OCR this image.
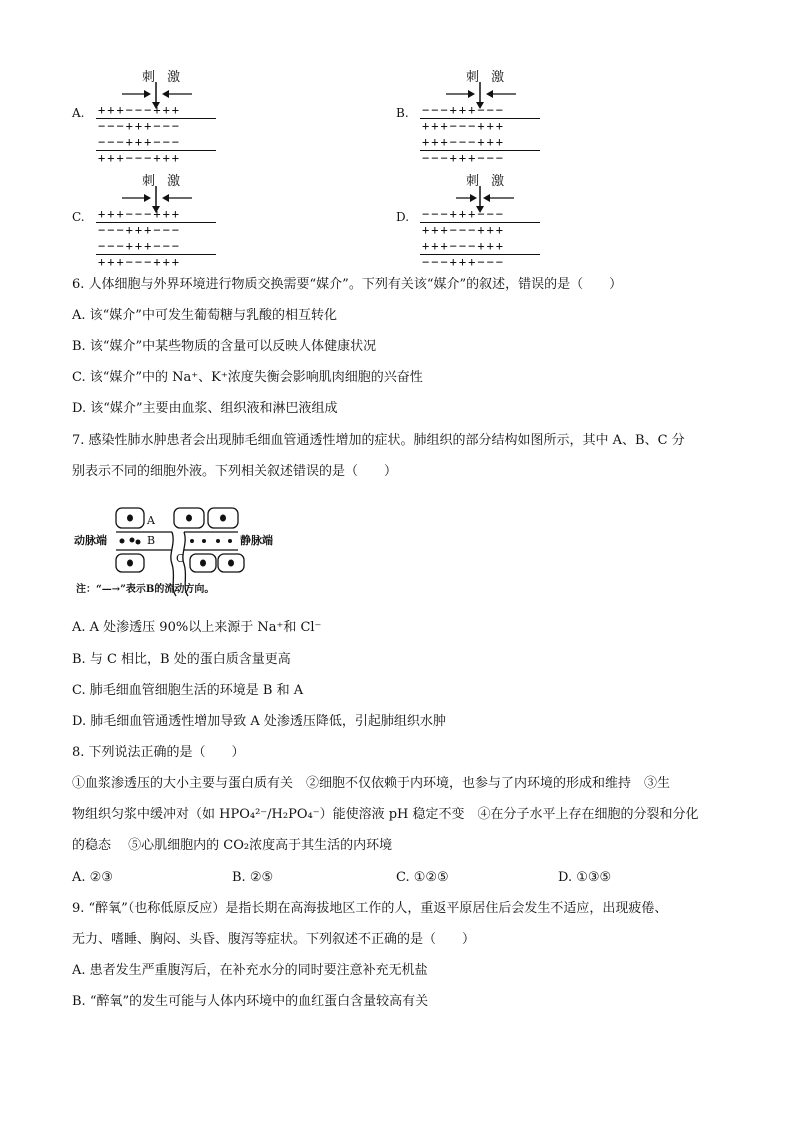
A.
刺 激
+++−−−+++
−−−+++−−−
−−−+++−−−
+++−−−+++
B.
刺 激
−−−+++−−−
+++−−−+++
+++−−−+++
−−−+++−−−
C.
刺 激
+++−−−+++
−−−+++−−−
−−−+++−−−
+++−−−+++
D.
刺 激
−−−+++−−−
+++−−−+++
+++−−−+++
−−−+++−−−
6. 人体细胞与外界环境进行物质交换需要“媒介”。下列有关该“媒介”的叙述，错误的是（　　）
A. 该“媒介”中可发生葡萄糖与乳酸的相互转化
B. 该“媒介”中某些物质的含量可以反映人体健康状况
C. 该“媒介”中的 Na⁺、K⁺浓度失衡会影响肌肉细胞的兴奋性
D. 该“媒介”主要由血浆、组织液和淋巴液组成
7. 感染性肺水肿患者会出现肺毛细血管通透性增加的症状。肺组织的部分结构如图所示，其中 A、B、C 分
别表示不同的细胞外液。下列相关叙述错误的是（　　）
动脉端	静脉端
A
B
C
注：“—→”表示B的流动方向。
A. A 处渗透压 90%以上来源于 Na⁺和 Cl⁻
B. 与 C 相比，B 处的蛋白质含量更高
C. 肺毛细血管细胞生活的环境是 B 和 A
D. 肺毛细血管通透性增加导致 A 处渗透压降低，引起肺组织水肿
8. 下列说法正确的是（　　）
①血浆渗透压的大小主要与蛋白质有关　②细胞不仅依赖于内环境，也参与了内环境的形成和维持　③生
物组织匀浆中缓冲对（如 HPO₄²⁻/H₂PO₄⁻）能使溶液 pH 稳定不变　④在分子水平上存在细胞的分裂和分化
的稳态　 ⑤心肌细胞内的 CO₂浓度高于其生活的内环境
A. ②③	B. ②⑤	C. ①②⑤	D. ①③⑤
9. “醉氧”（也称低原反应）是指长期在高海拔地区工作的人，重返平原居住后会发生不适应，出现疲倦、
无力、嗜睡、胸闷、头昏、腹泻等症状。下列叙述不正确的是（　　）
A. 患者发生严重腹泻后，在补充水分的同时要注意补充无机盐
B. “醉氧”的发生可能与人体内环境中的血红蛋白含量较高有关
